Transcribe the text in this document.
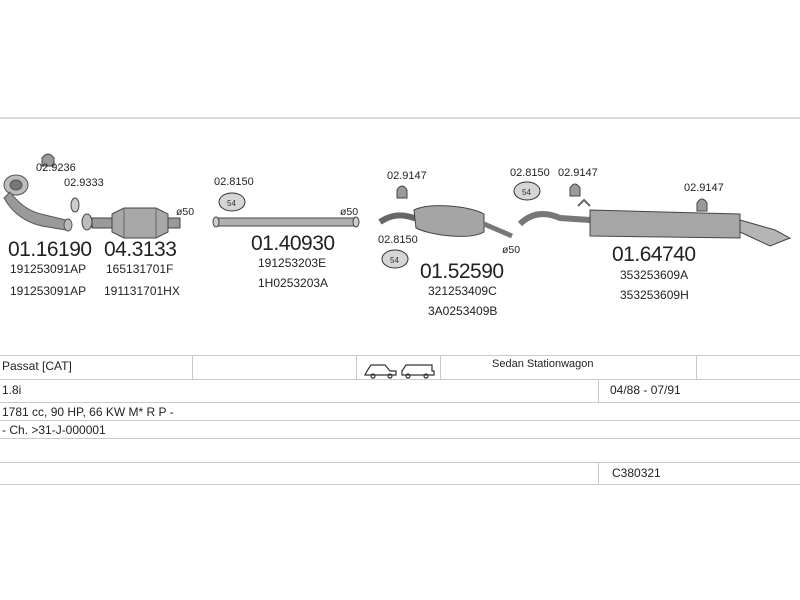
54
54
54
02.9236
02.9333
01.16190
191253091AP
191253091AP
ø50
04.3133
165131701F
191131701HX
02.8150
ø50
01.40930
191253203E
1H0253203A
02.9147
02.8150
ø50
01.52590
321253409C
3A0253409B
02.8150 02.9147
02.9147
01.64740
353253609A
353253609H
Passat [CAT]	Sedan Stationwagon
1.8i	04/88 - 07/91
1781 cc, 90 HP, 66 KW M* R P -
- Ch. >31-J-000001
C380321
